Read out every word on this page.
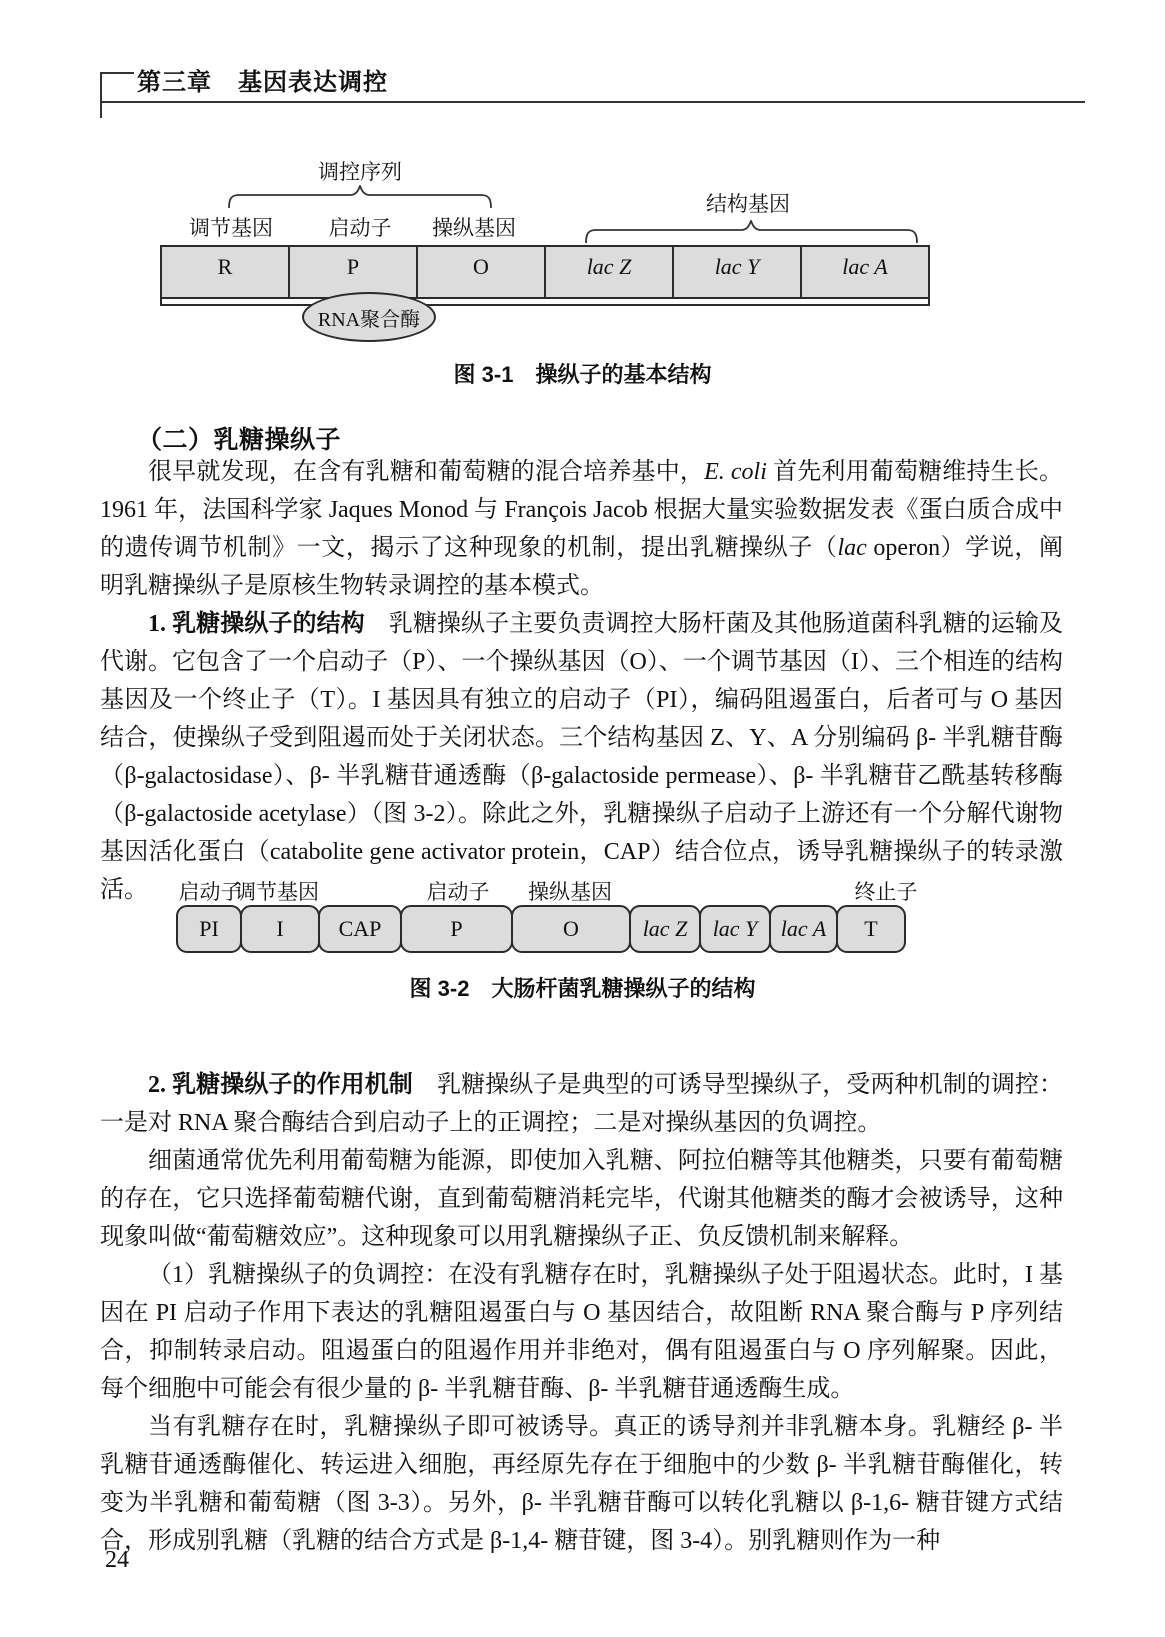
第三章 基因表达调控
调控序列
调节基因	启动子 操纵基因
结构基因
R	P	O	lac Z	lac Y	lac A
RNA聚合酶
图 3-1　操纵子的基本结构
（二）乳糖操纵子

很早就发现，在含有乳糖和葡萄糖的混合培养基中，E. coli 首先利用葡萄糖维持生长。1961 年，法国科学家 Jaques Monod 与 François Jacob 根据大量实验数据发表《蛋白质合成中的遗传调节机制》一文，揭示了这种现象的机制，提出乳糖操纵子（lac operon）学说，阐明乳糖操纵子是原核生物转录调控的基本模式。

1. 乳糖操纵子的结构　乳糖操纵子主要负责调控大肠杆菌及其他肠道菌科乳糖的运输及代谢。它包含了一个启动子（P）、一个操纵基因（O）、一个调节基因（I）、三个相连的结构基因及一个终止子（T）。I 基因具有独立的启动子（PI），编码阻遏蛋白，后者可与 O 基因结合，使操纵子受到阻遏而处于关闭状态。三个结构基因 Z、Y、A 分别编码 β- 半乳糖苷酶（β-galactosidase）、β- 半乳糖苷通透酶（β-galactoside permease）、β- 半乳糖苷乙酰基转移酶（β-galactoside acetylase）（图 3-2）。除此之外，乳糖操纵子启动子上游还有一个分解代谢物基因活化蛋白（catabolite gene activator protein，CAP）结合位点，诱导乳糖操纵子的转录激活。	启动子
调节基因	启动子 操纵基因	终止子
PI	I	CAP	P	O	lac Z	lac Y	lac A	T
图 3-2　大肠杆菌乳糖操纵子的结构

2. 乳糖操纵子的作用机制　乳糖操纵子是典型的可诱导型操纵子，受两种机制的调控：一是对 RNA 聚合酶结合到启动子上的正调控；二是对操纵基因的负调控。

细菌通常优先利用葡萄糖为能源，即使加入乳糖、阿拉伯糖等其他糖类，只要有葡萄糖的存在，它只选择葡萄糖代谢，直到葡萄糖消耗完毕，代谢其他糖类的酶才会被诱导，这种现象叫做“葡萄糖效应”。这种现象可以用乳糖操纵子正、负反馈机制来解释。

（1）乳糖操纵子的负调控：在没有乳糖存在时，乳糖操纵子处于阻遏状态。此时，I 基因在 PI 启动子作用下表达的乳糖阻遏蛋白与 O 基因结合，故阻断 RNA 聚合酶与 P 序列结合，抑制转录启动。阻遏蛋白的阻遏作用并非绝对，偶有阻遏蛋白与 O 序列解聚。因此，每个细胞中可能会有很少量的 β- 半乳糖苷酶、β- 半乳糖苷通透酶生成。

当有乳糖存在时，乳糖操纵子即可被诱导。真正的诱导剂并非乳糖本身。乳糖经 β- 半乳糖苷通透酶催化、转运进入细胞，再经原先存在于细胞中的少数 β- 半乳糖苷酶催化，转变为半乳糖和葡萄糖（图 3-3）。另外，β- 半乳糖苷酶可以转化乳糖以 β-1,6- 糖苷键方式结合，形成别乳糖（乳糖的结合方式是 β-1,4- 糖苷键，图 3-4）。别乳糖则作为一种

24
